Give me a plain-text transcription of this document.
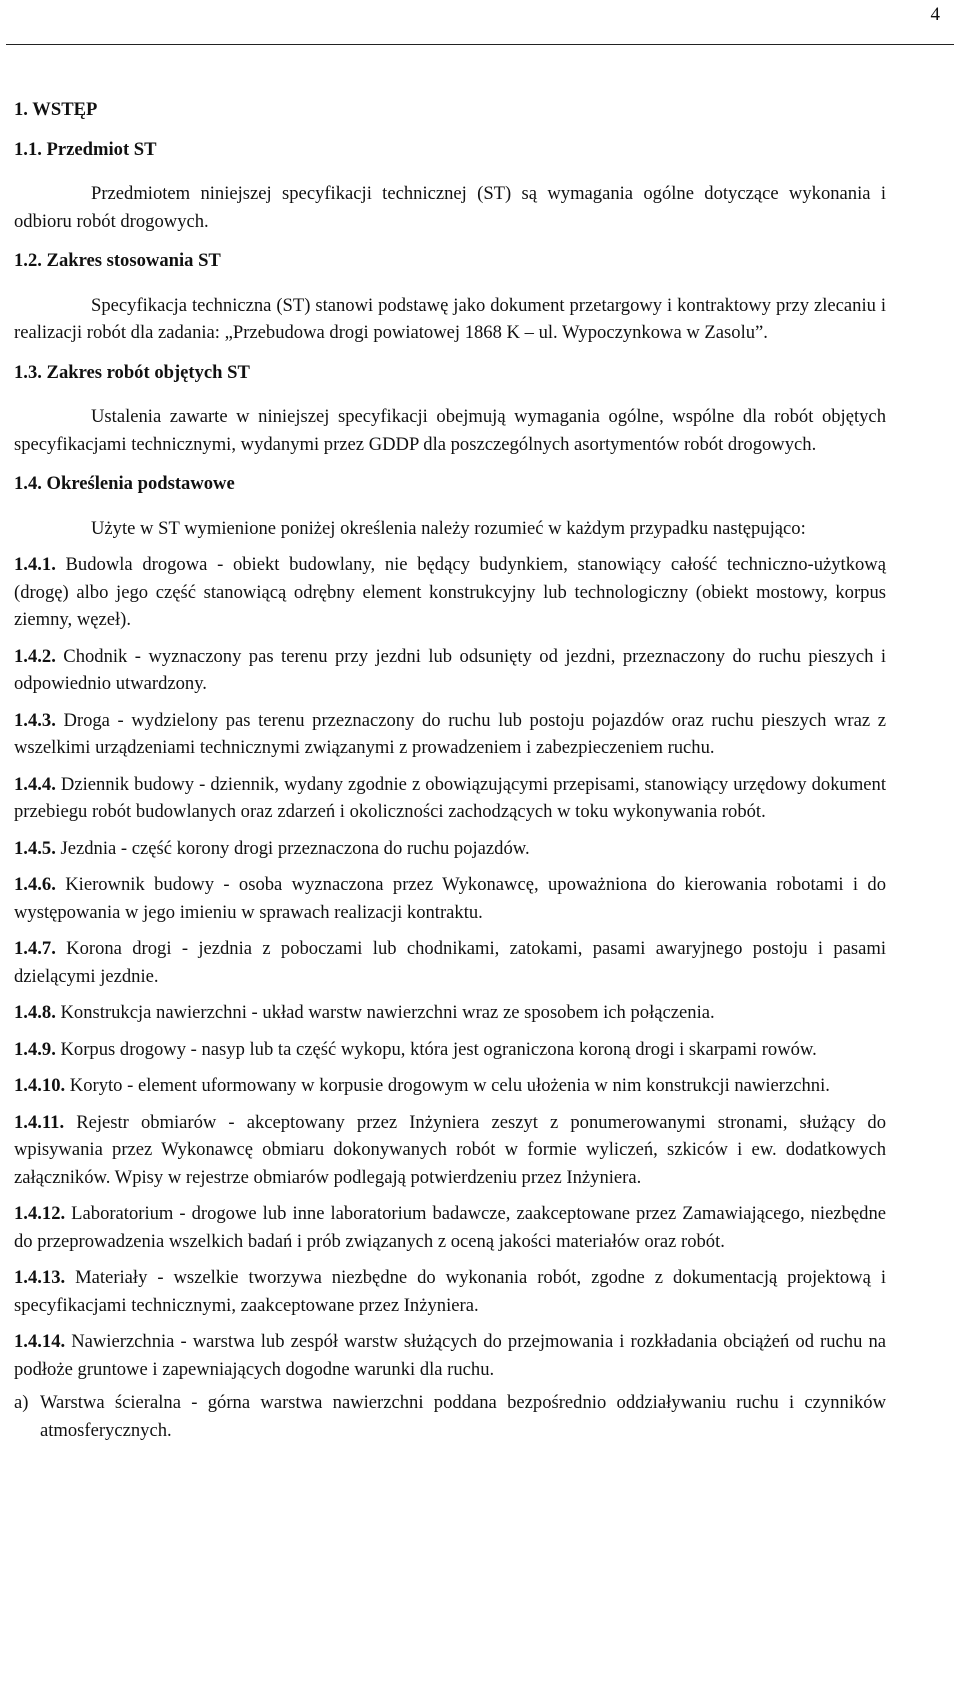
4

1. WSTĘP

1.1. Przedmiot ST

Przedmiotem niniejszej specyfikacji technicznej (ST) są wymagania ogólne dotyczące wykonania i odbioru robót drogowych.

1.2. Zakres stosowania ST

Specyfikacja techniczna (ST) stanowi podstawę jako dokument przetargowy i kontraktowy przy zlecaniu i realizacji robót dla zadania: „Przebudowa drogi powiatowej 1868 K – ul. Wypoczynkowa w Zasolu”.

1.3. Zakres robót objętych ST

Ustalenia zawarte w niniejszej specyfikacji obejmują wymagania ogólne, wspólne dla robót objętych specyfikacjami technicznymi, wydanymi przez GDDP dla poszczególnych asortymentów robót drogowych.

1.4. Określenia podstawowe

Użyte w ST wymienione poniżej określenia należy rozumieć w każdym przypadku następująco:

1.4.1. Budowla drogowa - obiekt budowlany, nie będący budynkiem, stanowiący całość techniczno-użytkową (drogę) albo jego część stanowiącą odrębny element konstrukcyjny lub technologiczny (obiekt mostowy, korpus ziemny, węzeł).

1.4.2. Chodnik - wyznaczony pas terenu przy jezdni lub odsunięty od jezdni, przeznaczony do ruchu pieszych i odpowiednio utwardzony.

1.4.3. Droga - wydzielony pas terenu przeznaczony do ruchu lub postoju pojazdów oraz ruchu pieszych wraz z wszelkimi urządzeniami technicznymi związanymi z prowadzeniem i zabezpieczeniem ruchu.

1.4.4. Dziennik budowy - dziennik, wydany zgodnie z obowiązującymi przepisami, stanowiący urzędowy dokument przebiegu robót budowlanych oraz zdarzeń i okoliczności zachodzących w toku wykonywania robót.

1.4.5. Jezdnia - część korony drogi przeznaczona do ruchu pojazdów.

1.4.6. Kierownik budowy - osoba wyznaczona przez Wykonawcę, upoważniona do kierowania robotami i do występowania w jego imieniu w sprawach realizacji kontraktu.

1.4.7. Korona drogi - jezdnia z poboczami lub chodnikami, zatokami, pasami awaryjnego postoju i pasami dzielącymi jezdnie.

1.4.8. Konstrukcja nawierzchni - układ warstw nawierzchni wraz ze sposobem ich połączenia.

1.4.9. Korpus drogowy - nasyp lub ta część wykopu, która jest ograniczona koroną drogi i skarpami rowów.

1.4.10. Koryto - element uformowany w korpusie drogowym w celu ułożenia w nim konstrukcji nawierzchni.

1.4.11. Rejestr obmiarów - akceptowany przez Inżyniera zeszyt z ponumerowanymi stronami, służący do wpisywania przez Wykonawcę obmiaru dokonywanych robót w formie wyliczeń, szkiców i ew. dodatkowych załączników. Wpisy w rejestrze obmiarów podlegają potwierdzeniu przez Inżyniera.

1.4.12. Laboratorium - drogowe lub inne laboratorium badawcze, zaakceptowane przez Zamawiającego, niezbędne do przeprowadzenia wszelkich badań i prób związanych z oceną jakości materiałów oraz robót.

1.4.13. Materiały - wszelkie tworzywa niezbędne do wykonania robót, zgodne z dokumentacją projektową i specyfikacjami technicznymi, zaakceptowane przez Inżyniera.

1.4.14. Nawierzchnia - warstwa lub zespół warstw służących do przejmowania i rozkładania obciążeń od ruchu na podłoże gruntowe i zapewniających dogodne warunki dla ruchu.

a) Warstwa ścieralna - górna warstwa nawierzchni poddana bezpośrednio oddziaływaniu ruchu i czynników atmosferycznych.
